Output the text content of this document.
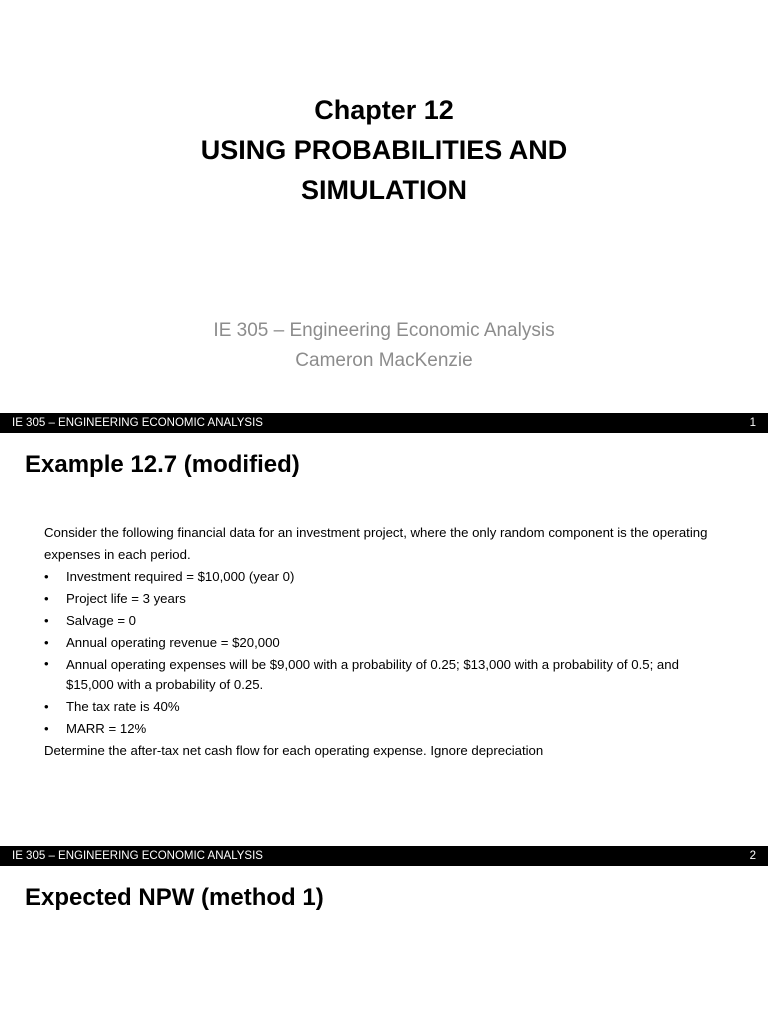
Chapter 12
USING PROBABILITIES AND
SIMULATION
IE 305 – Engineering Economic Analysis
Cameron MacKenzie
IE 305 – ENGINEERING ECONOMIC ANALYSIS	1
Example 12.7 (modified)

Consider the following financial data for an investment project, where the only random component is the operating expenses in each period.

•	Investment required = $10,000 (year 0)
•	Project life = 3 years
•	Salvage = 0
•	Annual operating revenue = $20,000
•	Annual operating expenses will be $9,000 with a probability of 0.25; $13,000 with a probability of 0.5; and $15,000 with a probability of 0.25.
•	The tax rate is 40%
•	MARR = 12%

Determine the after-tax net cash flow for each operating expense. Ignore depreciation

IE 305 – ENGINEERING ECONOMIC ANALYSIS	2
Expected NPW (method 1)
